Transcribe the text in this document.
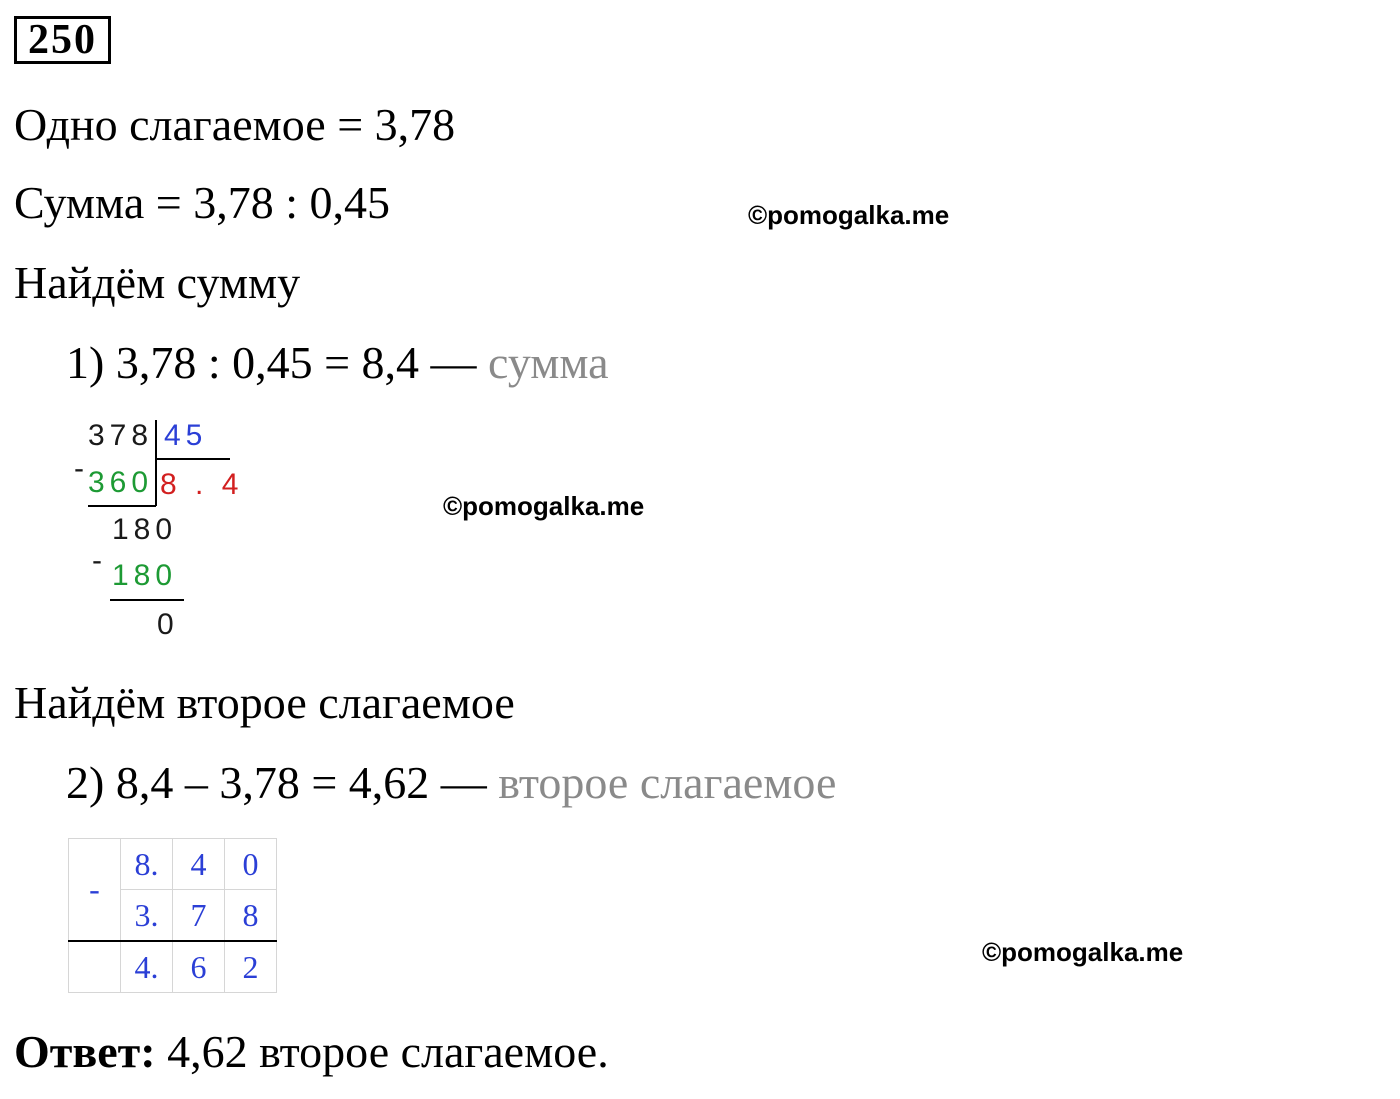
250
Одно слагаемое = 3,78
Сумма = 3,78 : 0,45	©pomogalka.me
Найдём сумму
1) 3,78 : 0,45 = 8,4 — сумма
378 45
- 360 8 . 4
180
- 180
0
©pomogalka.me
Найдём второе слагаемое
2) 8,4 – 3,78 = 4,62 — второе слагаемое
-	8.	4	0
	3.	7	8
	4.	6	2	©pomogalka.me
Ответ: 4,62 второе слагаемое.
